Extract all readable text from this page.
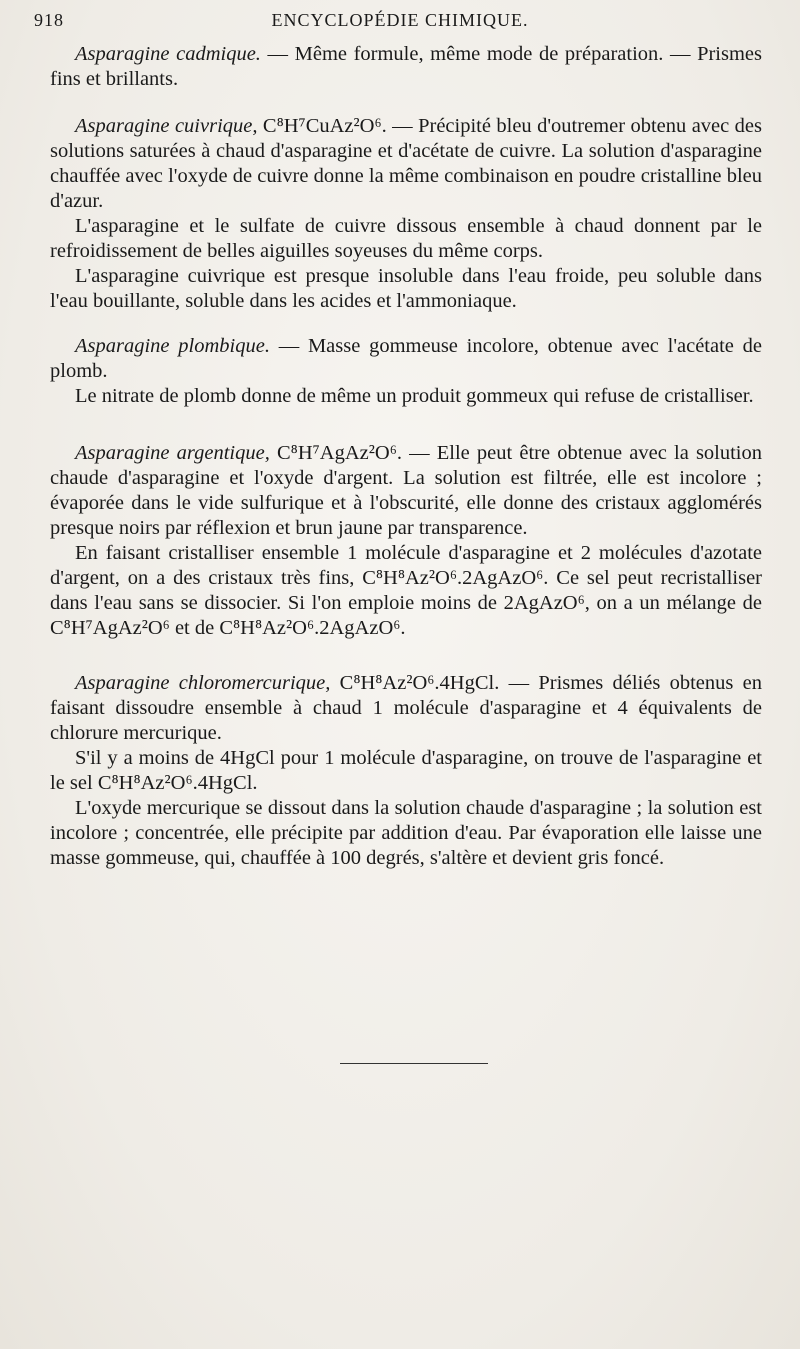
918	ENCYCLOPÉDIE CHIMIQUE.

Asparagine cadmique. — Même formule, même mode de préparation. — Prismes fins et brillants.

Asparagine cuivrique, C⁸H⁷CuAz²O⁶. — Précipité bleu d'outremer obtenu avec des solutions saturées à chaud d'asparagine et d'acétate de cuivre. La solution d'asparagine chauffée avec l'oxyde de cuivre donne la même combinaison en poudre cristalline bleu d'azur.

L'asparagine et le sulfate de cuivre dissous ensemble à chaud donnent par le refroidissement de belles aiguilles soyeuses du même corps.

L'asparagine cuivrique est presque insoluble dans l'eau froide, peu soluble dans l'eau bouillante, soluble dans les acides et l'ammoniaque.

Asparagine plombique. — Masse gommeuse incolore, obtenue avec l'acétate de plomb.

Le nitrate de plomb donne de même un produit gommeux qui refuse de cristalliser.

Asparagine argentique, C⁸H⁷AgAz²O⁶. — Elle peut être obtenue avec la solution chaude d'asparagine et l'oxyde d'argent. La solution est filtrée, elle est incolore ; évaporée dans le vide sulfurique et à l'obscurité, elle donne des cristaux agglomérés presque noirs par réflexion et brun jaune par transparence.

En faisant cristalliser ensemble 1 molécule d'asparagine et 2 molécules d'azotate d'argent, on a des cristaux très fins, C⁸H⁸Az²O⁶.2AgAzO⁶. Ce sel peut recristalliser dans l'eau sans se dissocier. Si l'on emploie moins de 2AgAzO⁶, on a un mélange de C⁸H⁷AgAz²O⁶ et de C⁸H⁸Az²O⁶.2AgAzO⁶.

Asparagine chloromercurique, C⁸H⁸Az²O⁶.4HgCl. — Prismes déliés obtenus en faisant dissoudre ensemble à chaud 1 molécule d'asparagine et 4 équivalents de chlorure mercurique.

S'il y a moins de 4HgCl pour 1 molécule d'asparagine, on trouve de l'asparagine et le sel C⁸H⁸Az²O⁶.4HgCl.

L'oxyde mercurique se dissout dans la solution chaude d'asparagine ; la solution est incolore ; concentrée, elle précipite par addition d'eau. Par évaporation elle laisse une masse gommeuse, qui, chauffée à 100 degrés, s'altère et devient gris foncé.
